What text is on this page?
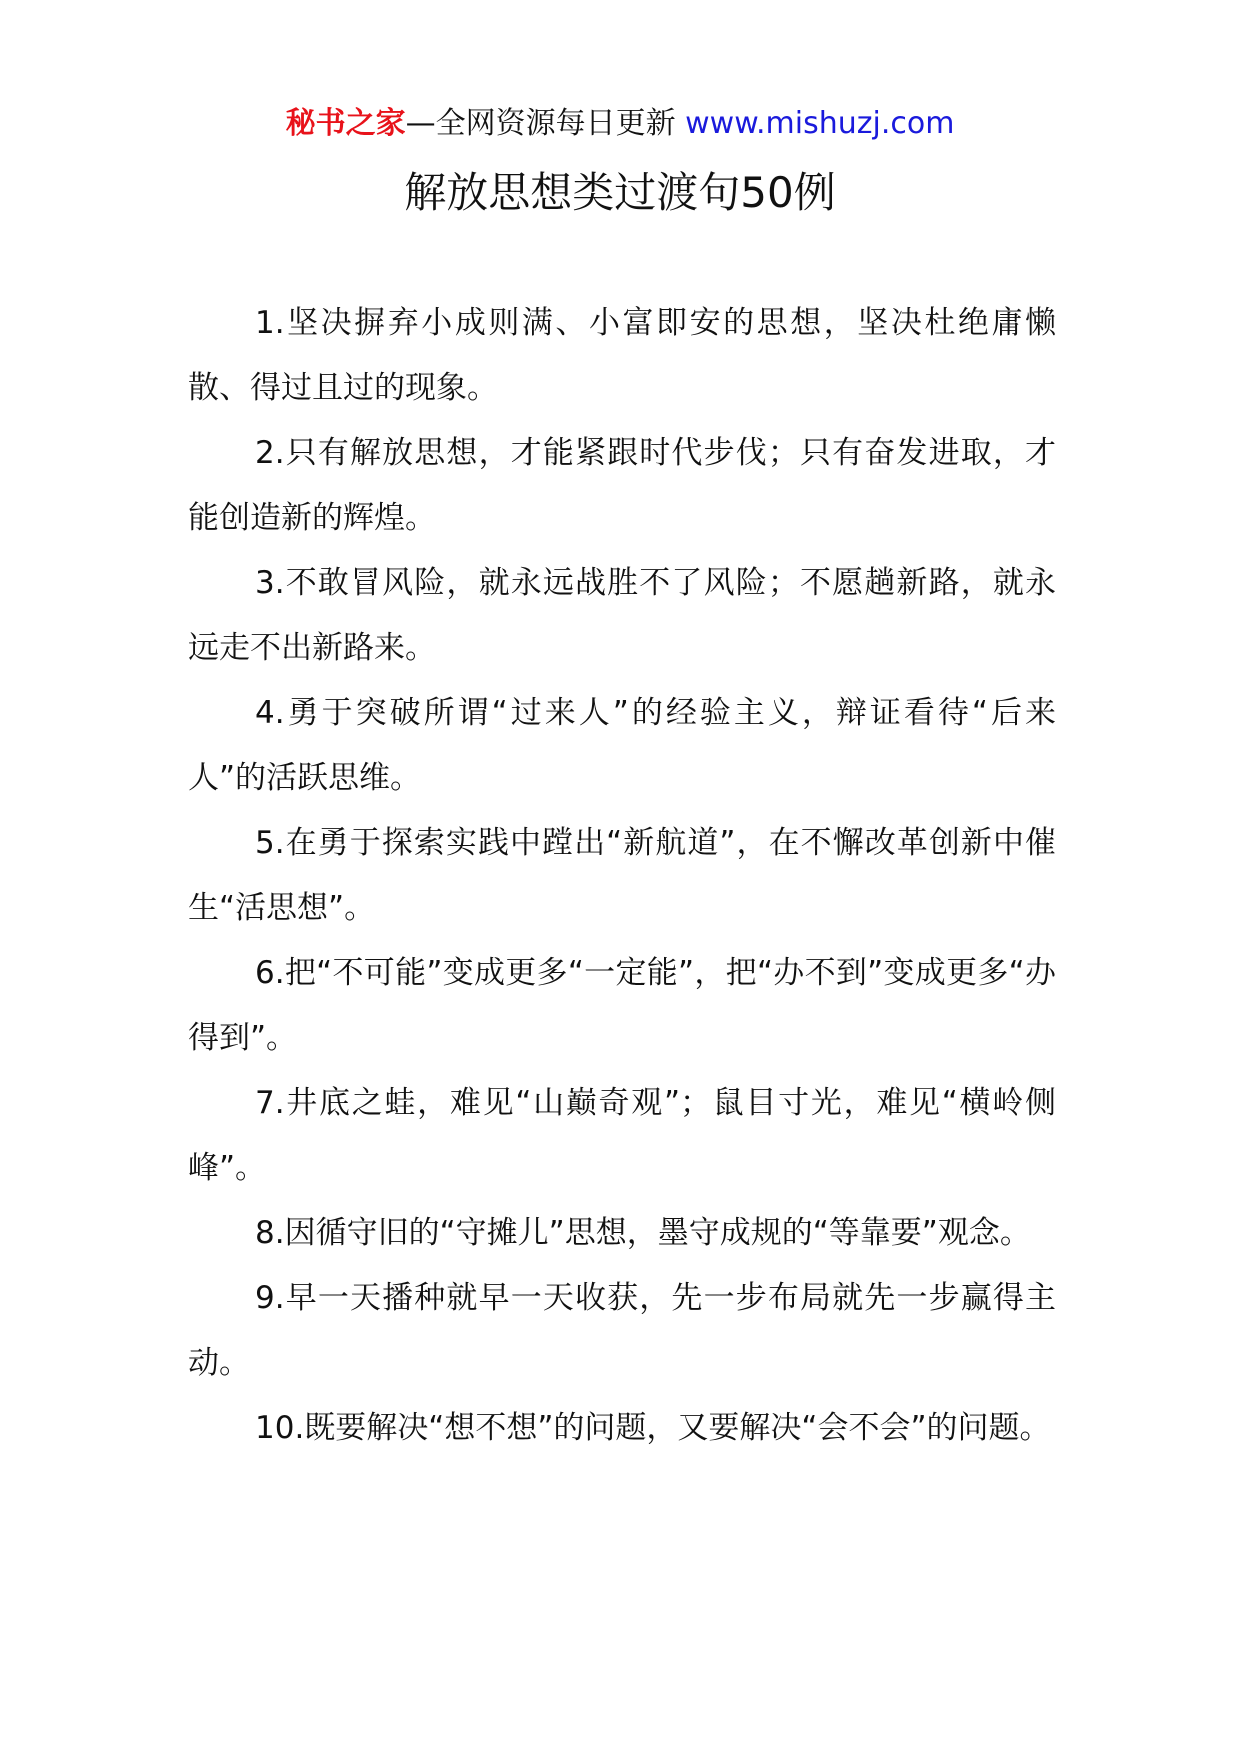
秘书之家—全网资源每日更新 www.mishuzj.com
解放思想类过渡句50例

1.坚决摒弃小成则满、小富即安的思想，坚决杜绝庸懒散、得过且过的现象。

2.只有解放思想，才能紧跟时代步伐；只有奋发进取，才能创造新的辉煌。

3.不敢冒风险，就永远战胜不了风险；不愿趟新路，就永远走不出新路来。

4.勇于突破所谓“过来人”的经验主义，辩证看待“后来人”的活跃思维。

5.在勇于探索实践中蹚出“新航道”，在不懈改革创新中催生“活思想”。

6.把“不可能”变成更多“一定能”，把“办不到”变成更多“办得到”。

7.井底之蛙，难见“山巅奇观”；鼠目寸光，难见“横岭侧峰”。

8.因循守旧的“守摊儿”思想，墨守成规的“等靠要”观念。

9.早一天播种就早一天收获，先一步布局就先一步赢得主动。

10.既要解决“想不想”的问题，又要解决“会不会”的问题。
